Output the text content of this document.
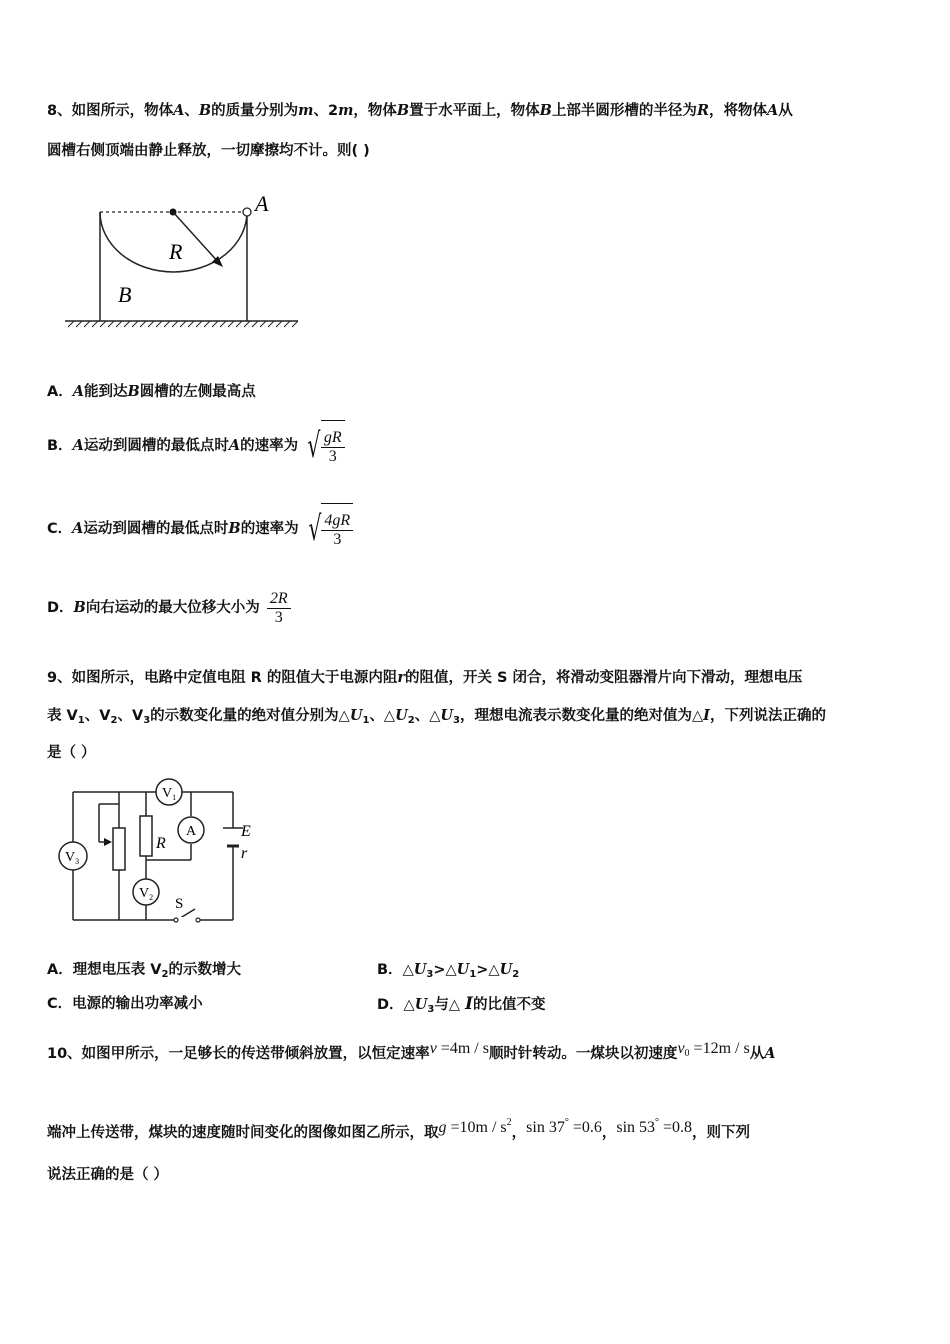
8、如图所示，物体A、B的质量分别为m、2m，物体B置于水平面上，物体B上部半圆形槽的半径为R，将物体A从
圆槽右侧顶端由静止释放，一切摩擦均不计。则( )
A
R
B
A．A能到达B圆槽的左侧最高点
B．A运动到圆槽的最低点时A的速率为 √ $\frac{gR}{3}$
C．A运动到圆槽的最低点时B的速率为 √ $\frac{4gR}{3}$
D．B向右运动的最大位移大小为 $\frac{2R}{3}$
9、如图所示，电路中定值电阻 R 的阻值大于电源内阻r的阻值，开关 S 闭合，将滑动变阻器滑片向下滑动，理想电压
表 $V_1$、$V_2$、$V_3$的示数变化量的绝对值分别为$\triangle U_1$、$\triangle U_2$、$\triangle U_3$，理想电流表示数变化量的绝对值为△I，下列说法正确的
是（ ）
S
R
E
r
$V_1$
A
$V_2$
$V_3$
A．理想电压表 $V_2$的示数增大	B．$\triangle U_3>\triangle U_1>\triangle U_2$
C．电源的输出功率减小	D．$\triangle U_3$与△ I的比值不变
10、如图甲所示，一足够长的传送带倾斜放置，以恒定速率v =4m / s顺时针转动。一煤块以初速度$v_0 =12m / s$从A
端冲上传送带，煤块的速度随时间变化的图像如图乙所示，取$g =10m / s^2$，sin 37° =0.6，sin 53° =0.8，则下列
说法正确的是（ ）
